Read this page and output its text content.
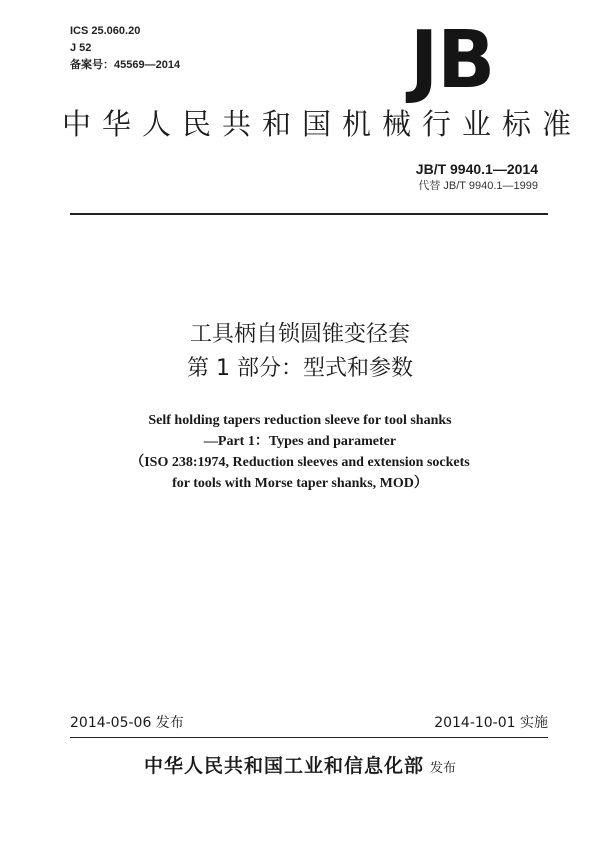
ICS 25.060.20
J 52
备案号：45569—2014	JB
中华人民共和国机械行业标准
JB/T 9940.1—2014
代替 JB/T 9940.1—1999
工具柄自锁圆锥变径套
第 1 部分：型式和参数
Self holding tapers reduction sleeve for tool shanks
—Part 1：Types and parameter
（ISO 238:1974, Reduction sleeves and extension sockets
for tools with Morse taper shanks, MOD）
2014-05-06 发布	2014-10-01 实施
中华人民共和国工业和信息化部 发布
